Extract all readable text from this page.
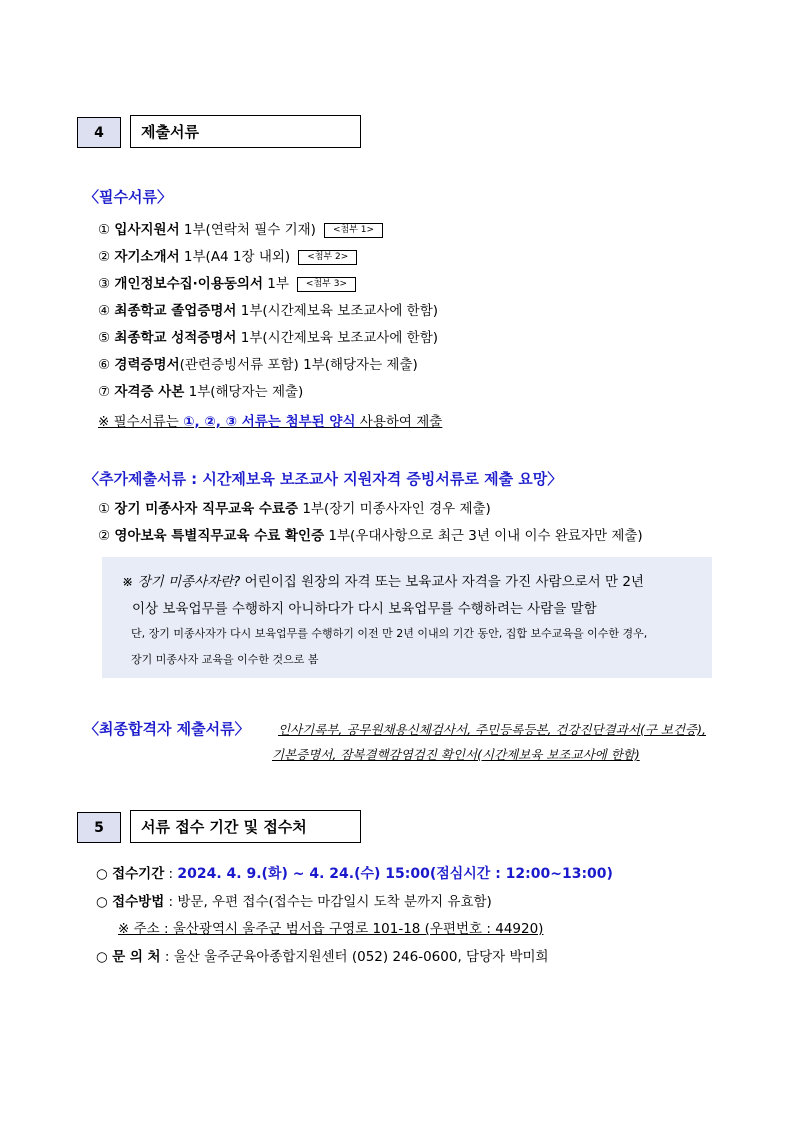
4 제출서류
〈필수서류〉
① 입사지원서 1부(연락처 필수 기재) <첨부 1>
② 자기소개서 1부(A4 1장 내외) <첨부 2>
③ 개인정보수집·이용동의서 1부 <첨부 3>
④ 최종학교 졸업증명서 1부(시간제보육 보조교사에 한함)
⑤ 최종학교 성적증명서 1부(시간제보육 보조교사에 한함)
⑥ 경력증명서(관련증빙서류 포함) 1부(해당자는 제출)
⑦ 자격증 사본 1부(해당자는 제출)
※ 필수서류는 ①, ②, ③ 서류는 첨부된 양식 사용하여 제출
〈추가제출서류 : 시간제보육 보조교사 지원자격 증빙서류로 제출 요망〉
① 장기 미종사자 직무교육 수료증 1부(장기 미종사자인 경우 제출)
② 영아보육 특별직무교육 수료 확인증 1부(우대사항으로 최근 3년 이내 이수 완료자만 제출)
※ 장기 미종사자란? 어린이집 원장의 자격 또는 보육교사 자격을 가진 사람으로서 만 2년
이상 보육업무를 수행하지 아니하다가 다시 보육업무를 수행하려는 사람을 말함
단, 장기 미종사자가 다시 보육업무를 수행하기 이전 만 2년 이내의 기간 동안, 집합 보수교육을 이수한 경우,
장기 미종사자 교육을 이수한 것으로 봄
〈최종합격자 제출서류〉 인사기록부, 공무원채용신체검사서, 주민등록등본, 건강진단결과서(구 보건증),
기본증명서, 잠복결핵감염검진 확인서(시간제보육 보조교사에 한함)
5 서류 접수 기간 및 접수처
○ 접수기간 : 2024. 4. 9.(화) ~ 4. 24.(수) 15:00(점심시간 : 12:00~13:00)
○ 접수방법 : 방문, 우편 접수(접수는 마감일시 도착 분까지 유효함)
※ 주소 : 울산광역시 울주군 범서읍 구영로 101-18 (우편번호 : 44920)
○ 문 의 처 : 울산 울주군육아종합지원센터 (052) 246-0600, 담당자 박미희
